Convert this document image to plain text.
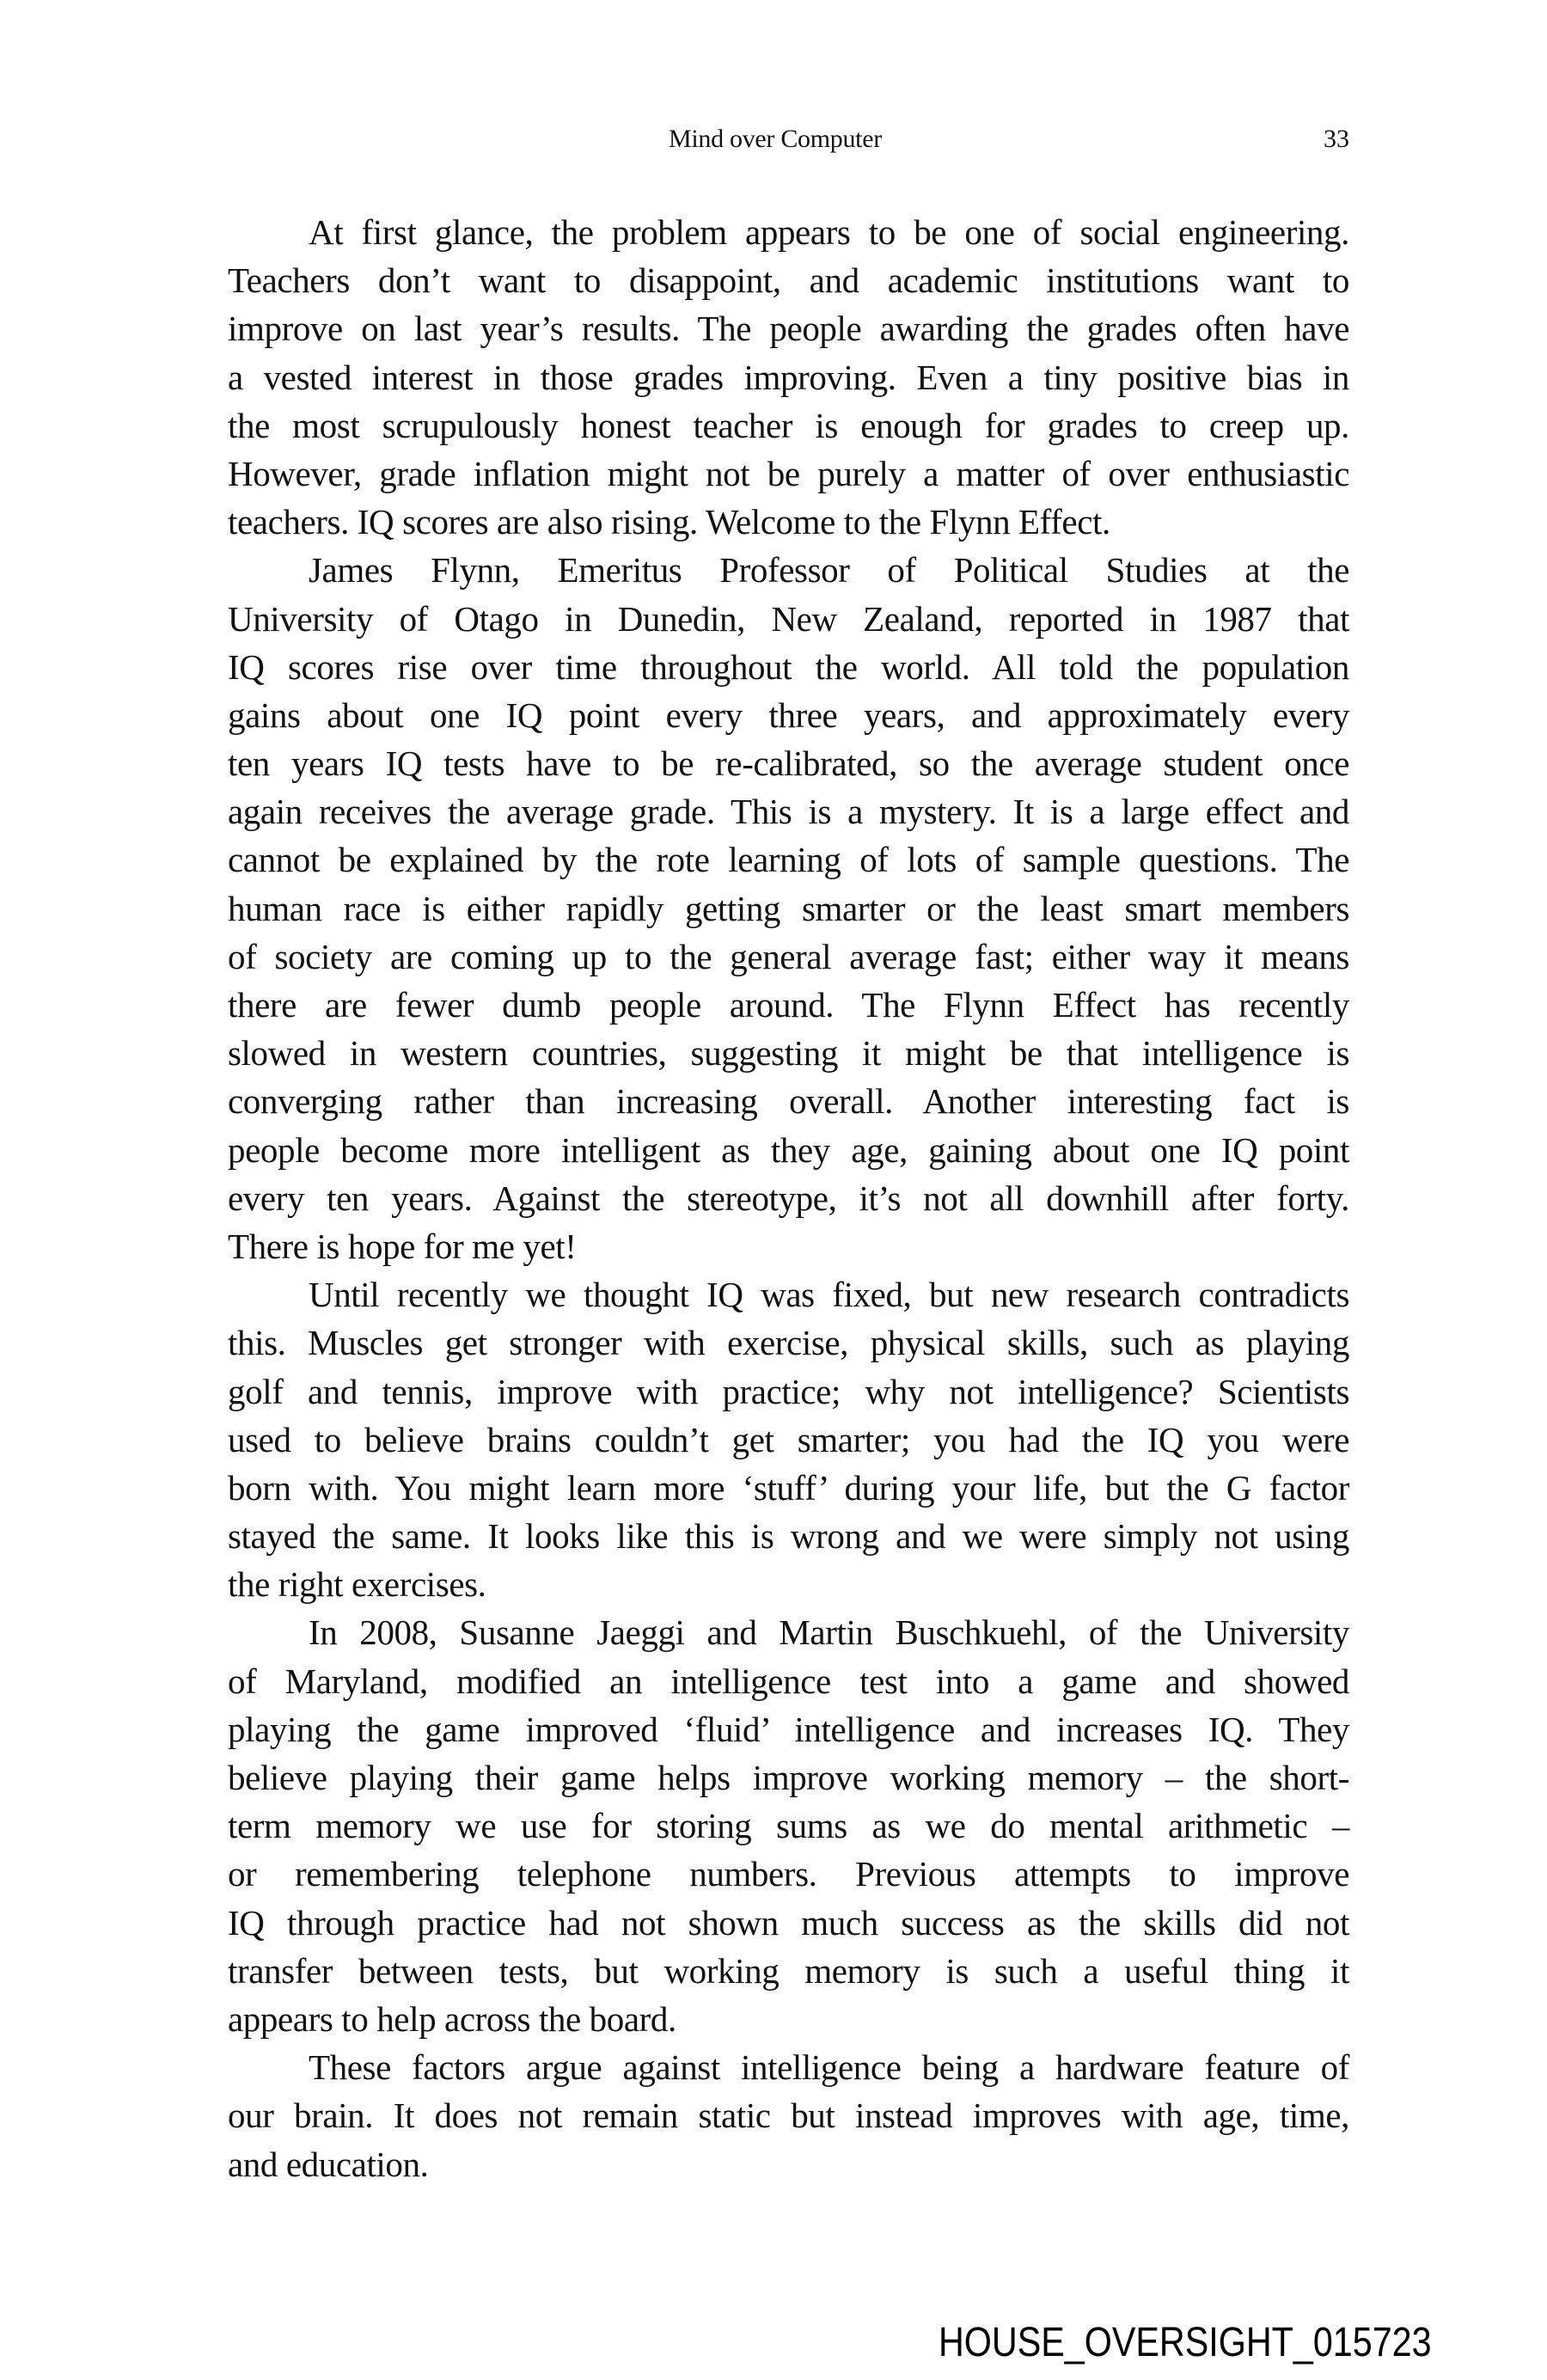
Mind over Computer	33
At first glance, the problem appears to be one of social engineering.
Teachers don’t want to disappoint, and academic institutions want to
improve on last year’s results. The people awarding the grades often have
a vested interest in those grades improving. Even a tiny positive bias in
the most scrupulously honest teacher is enough for grades to creep up.
However, grade inflation might not be purely a matter of over enthusiastic
teachers. IQ scores are also rising. Welcome to the Flynn Effect.
James Flynn, Emeritus Professor of Political Studies at the
University of Otago in Dunedin, New Zealand, reported in 1987 that
IQ scores rise over time throughout the world. All told the population
gains about one IQ point every three years, and approximately every
ten years IQ tests have to be re-calibrated, so the average student once
again receives the average grade. This is a mystery. It is a large effect and
cannot be explained by the rote learning of lots of sample questions. The
human race is either rapidly getting smarter or the least smart members
of society are coming up to the general average fast; either way it means
there are fewer dumb people around. The Flynn Effect has recently
slowed in western countries, suggesting it might be that intelligence is
converging rather than increasing overall. Another interesting fact is
people become more intelligent as they age, gaining about one IQ point
every ten years. Against the stereotype, it’s not all downhill after forty.
There is hope for me yet!
Until recently we thought IQ was fixed, but new research contradicts
this. Muscles get stronger with exercise, physical skills, such as playing
golf and tennis, improve with practice; why not intelligence? Scientists
used to believe brains couldn’t get smarter; you had the IQ you were
born with. You might learn more ‘stuff’ during your life, but the G factor
stayed the same. It looks like this is wrong and we were simply not using
the right exercises.
In 2008, Susanne Jaeggi and Martin Buschkuehl, of the University
of Maryland, modified an intelligence test into a game and showed
playing the game improved ‘fluid’ intelligence and increases IQ. They
believe playing their game helps improve working memory – the short-
term memory we use for storing sums as we do mental arithmetic –
or remembering telephone numbers. Previous attempts to improve
IQ through practice had not shown much success as the skills did not
transfer between tests, but working memory is such a useful thing it
appears to help across the board.
These factors argue against intelligence being a hardware feature of
our brain. It does not remain static but instead improves with age, time,
and education.
HOUSE_OVERSIGHT_015723
